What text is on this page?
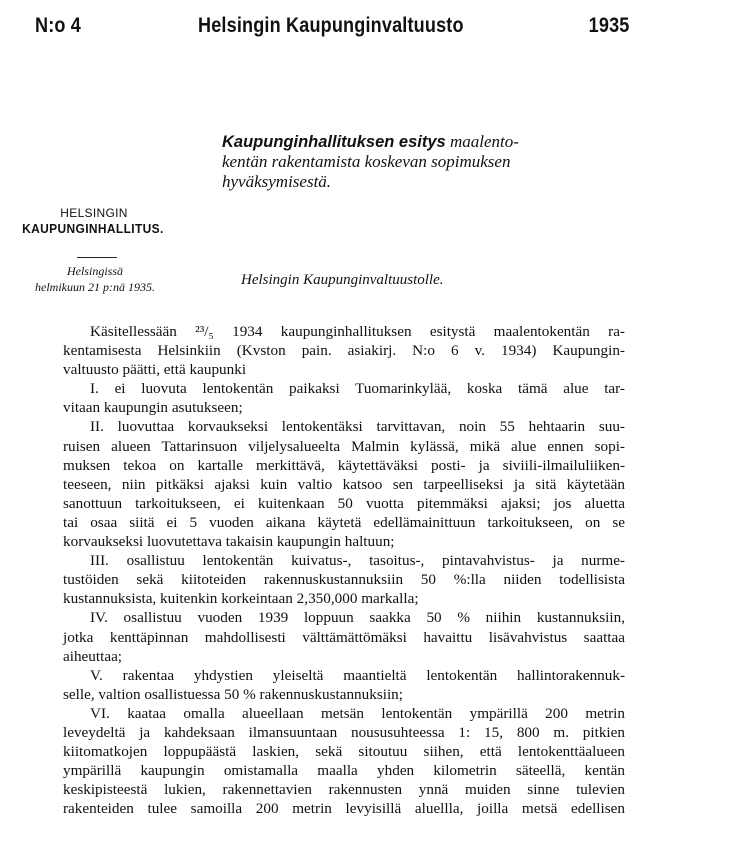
N:o 4	Helsingin Kaupunginvaltuusto	1935
Kaupunginhallituksen esitys maalento-
kentän rakentamista koskevan sopimuksen
hyväksymisestä.
HELSINGIN
KAUPUNGINHALLITUS.
Helsingissä
helmikuun 21 p:nä 1935.	Helsingin Kaupunginvaltuustolle.
Käsitellessään ²³/₅ 1934 kaupunginhallituksen esitystä maalentokentän ra-
kentamisesta Helsinkiin (Kvston pain. asiakirj. N:o 6 v. 1934) Kaupungin-
valtuusto päätti, että kaupunki
I. ei luovuta lentokentän paikaksi Tuomarinkylää, koska tämä alue tar-
vitaan kaupungin asutukseen;
II. luovuttaa korvaukseksi lentokentäksi tarvittavan, noin 55 hehtaarin suu-
ruisen alueen Tattarinsuon viljelysalueelta Malmin kylässä, mikä alue ennen sopi-
muksen tekoa on kartalle merkittävä, käytettäväksi posti- ja siviili-ilmailuliiken-
teeseen, niin pitkäksi ajaksi kuin valtio katsoo sen tarpeelliseksi ja sitä käytetään
sanottuun tarkoitukseen, ei kuitenkaan 50 vuotta pitemmäksi ajaksi; jos aluetta
tai osaa siitä ei 5 vuoden aikana käytetä edellämainittuun tarkoitukseen, on se
korvaukseksi luovutettava takaisin kaupungin haltuun;
III. osallistuu lentokentän kuivatus-, tasoitus-, pintavahvistus- ja nurme-
tustöiden sekä kiitoteiden rakennuskustannuksiin 50 %:lla niiden todellisista
kustannuksista, kuitenkin korkeintaan 2,350,000 markalla;
IV. osallistuu vuoden 1939 loppuun saakka 50 % niihin kustannuksiin,
jotka kenttäpinnan mahdollisesti välttämättömäksi havaittu lisävahvistus saattaa
aiheuttaa;
V. rakentaa yhdystien yleiseltä maantieltä lentokentän hallintorakennuk-
selle, valtion osallistuessa 50 % rakennuskustannuksiin;
VI. kaataa omalla alueellaan metsän lentokentän ympärillä 200 metrin
leveydeltä ja kahdeksaan ilmansuuntaan noususuhteessa 1: 15, 800 m. pitkien
kiitomatkojen loppupäästä laskien, sekä sitoutuu siihen, että lentokenttäalueen
ympärillä kaupungin omistamalla maalla yhden kilometrin säteellä, kentän
keskipisteestä lukien, rakennettavien rakennusten ynnä muiden sinne tulevien
rakenteiden tulee samoilla 200 metrin levyisillä aluellla, joilla metsä edellisen
